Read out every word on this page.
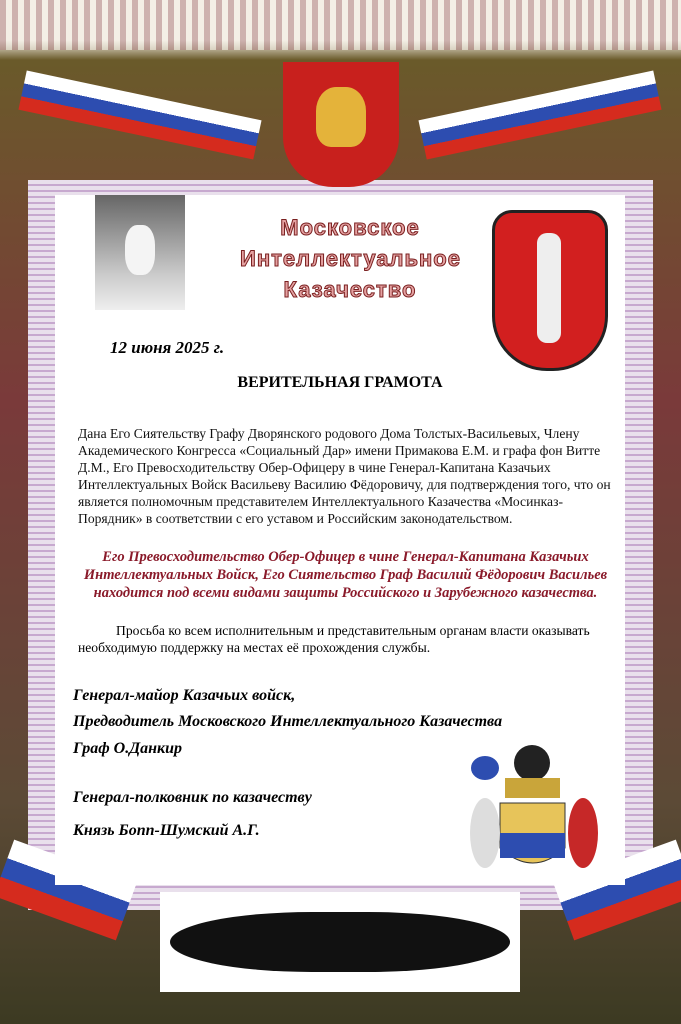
Московское Интеллектуальное Казачество
12 июня 2025 г.
ВЕРИТЕЛЬНАЯ ГРАМОТА
Дана Его Сиятельству Графу Дворянского родового Дома Толстых-Васильевых, Члену Академического Конгресса «Социальный Дар» имени Примакова Е.М. и графа фон Витте Д.М., Его Превосходительству Обер-Офицеру в чине Генерал-Капитана Казачьих Интеллектуальных Войск Васильеву Василию Фёдоровичу, для подтверждения того, что он является полномочным представителем Интеллектуального Казачества «Мосинказ-Порядник» в соответствии с его уставом и Российским законодательством.
Его Превосходительство Обер-Офицер в чине Генерал-Капитана Казачьих Интеллектуальных Войск, Его Сиятельство Граф Василий Фёдорович Васильев находится под всеми видами защиты Российского и Зарубежного казачества.
Просьба ко всем исполнительным и представительным органам власти оказывать необходимую поддержку на местах её прохождения службы.
Генерал-майор Казачьих войск,
Предводитель Московского Интеллектуального Казачества
Граф О.Данкир
Генерал-полковник по казачеству
Князь Бопп-Шумский А.Г.
